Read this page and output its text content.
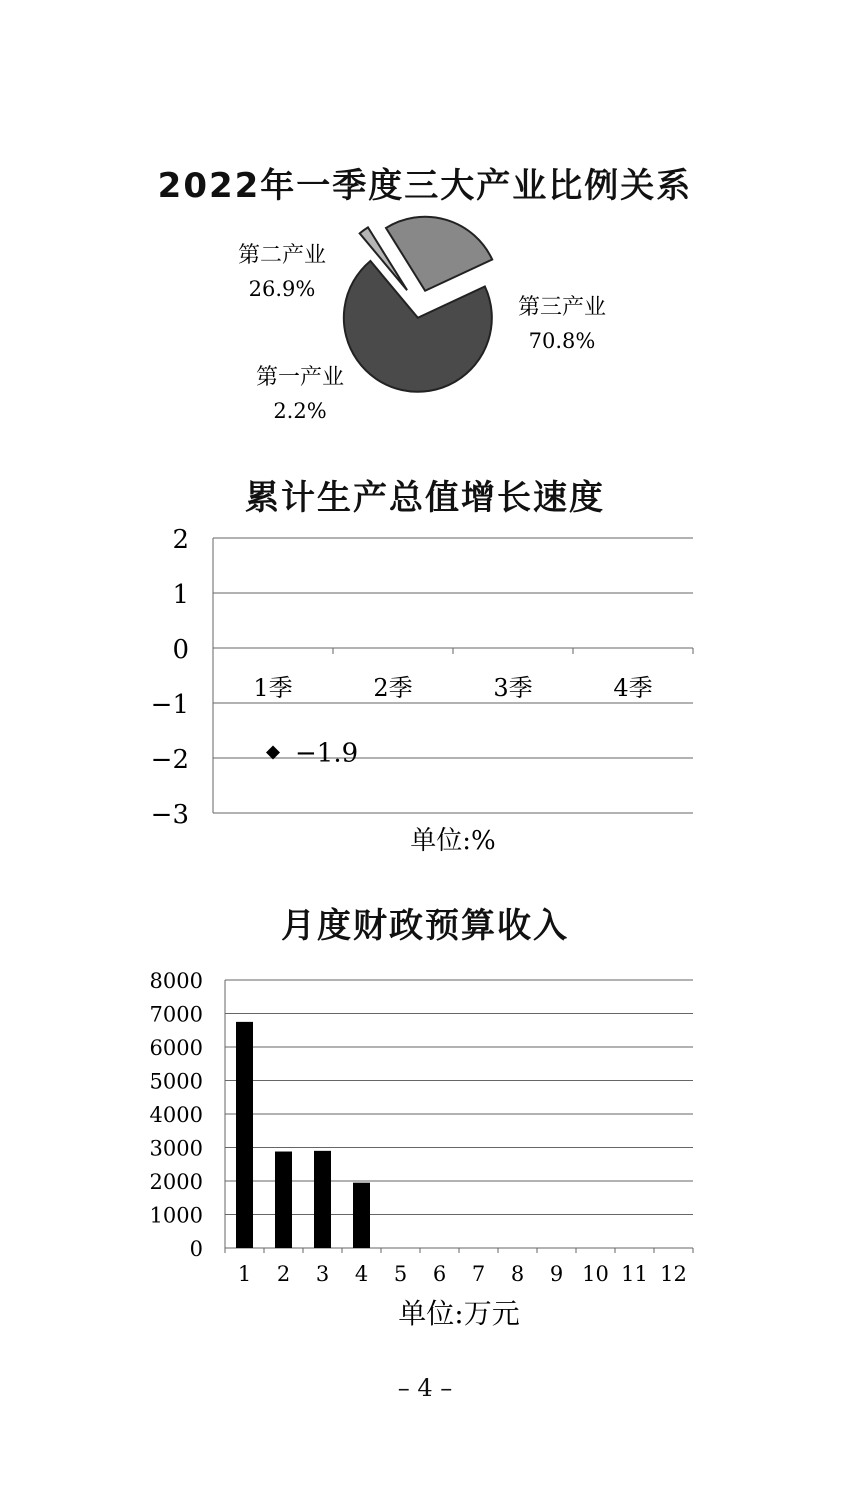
2022年一季度三大产业比例关系
第三产业
70.8%
第一产业
2.2%
第二产业
26.9%
累计生产总值增长速度
2
1
0
−1
−2
−3
1季	2季	3季	4季
−1.9
单位:%
月度财政预算收入
8000
7000
6000
5000
4000
3000
2000
1000
0
1 2 3 4 5 6 7 8 9 10 11 12
单位:万元
– 4 –
